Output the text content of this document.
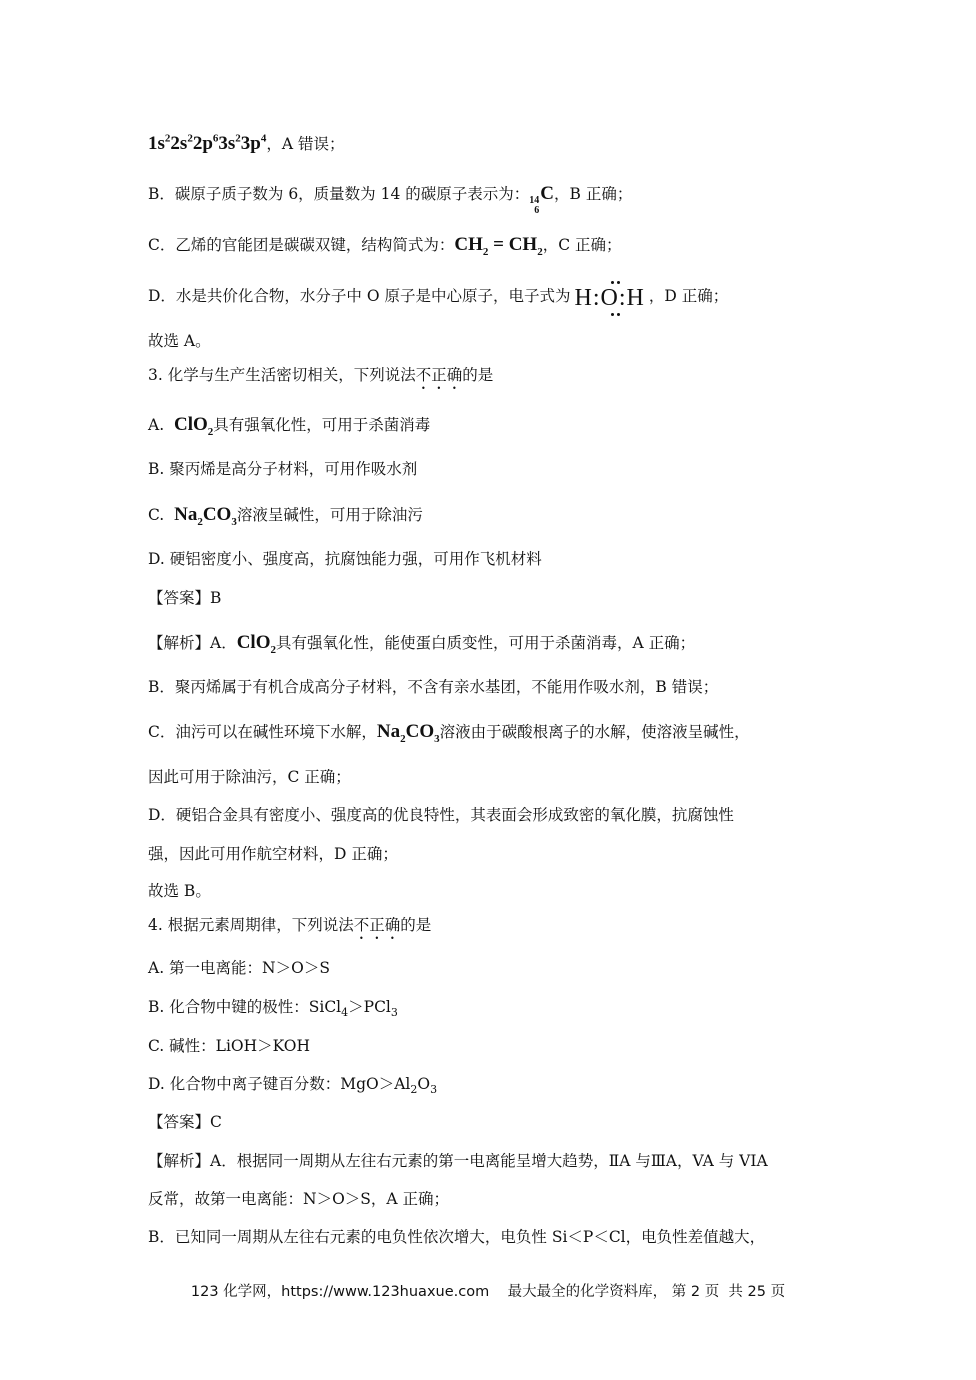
$1s^22s^22p^63s^23p^4$，A 错误；
B．碳原子质子数为 6，质量数为 14 的碳原子表示为： 14
6
C，B 正确；
C．乙烯的官能团是碳碳双键，结构简式为：$CH_2 = CH_2$，C 正确；
D．水是共价化合物，水分子中 O 原子是中心原子，电子式为 H:O:H ，D 正确；
故选 A。
3. 化学与生产生活密切相关，下列说法不正确的是
A.  ClO$_2$具有强氧化性，可用于杀菌消毒
B. 聚丙烯是高分子材料，可用作吸水剂
C.  $Na_2CO_3$溶液呈碱性，可用于除油污
D. 硬铝密度小、强度高，抗腐蚀能力强，可用作飞机材料
【答案】B
【解析】A．ClO$_2$具有强氧化性，能使蛋白质变性，可用于杀菌消毒，A 正确；
B．聚丙烯属于有机合成高分子材料，不含有亲水基团，不能用作吸水剂，B 错误；
C．油污可以在碱性环境下水解，$Na_2CO_3$溶液由于碳酸根离子的水解，使溶液呈碱性，
因此可用于除油污，C 正确；
D．硬铝合金具有密度小、强度高的优良特性，其表面会形成致密的氧化膜，抗腐蚀性
强，因此可用作航空材料，D 正确；
故选 B。
4. 根据元素周期律，下列说法不正确的是
A. 第一电离能：N＞O＞S
B. 化合物中键的极性：SiCl$_4$＞PCl$_3$
C. 碱性：LiOH＞KOH
D. 化合物中离子键百分数：$MgO>Al_2O_3$
【答案】C
【解析】A．根据同一周期从左往右元素的第一电离能呈增大趋势，ⅡA 与ⅢA，VA 与 VIA
反常，故第一电离能：N＞O＞S，A 正确；
B．已知同一周期从左往右元素的电负性依次增大，电负性 Si＜P＜Cl，电负性差值越大，
123 化学网，https://www.123huaxue.com 最大最全的化学资料库， 第 2 页  共 25 页
